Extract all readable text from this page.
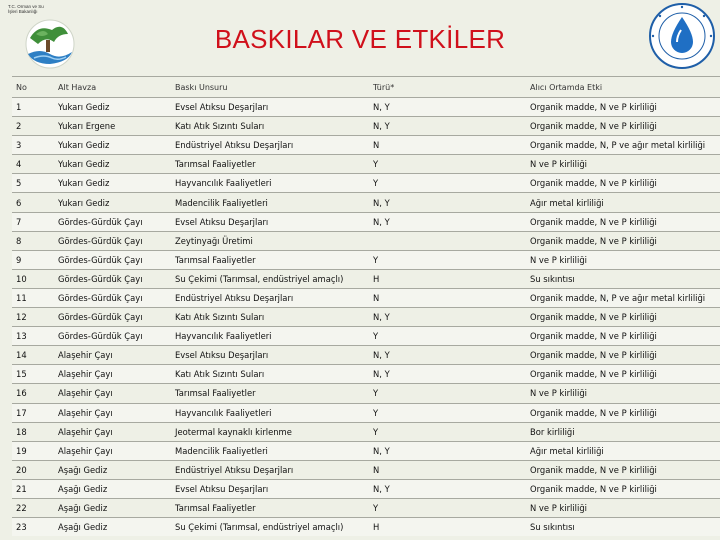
T.C. Orman ve Su İşleri Bakanlığı
BASKILAR VE ETKİLER
No	Alt Havza	Baskı Unsuru	Türü*	Alıcı Ortamda Etki
1	Yukarı Gediz	Evsel Atıksu Deşarjları	N, Y	Organik madde, N ve P kirliliği
2	Yukarı Ergene	Katı Atık Sızıntı Suları	N, Y	Organik madde, N ve P kirliliği
3	Yukarı Gediz	Endüstriyel Atıksu Deşarjları	N	Organik madde, N, P ve ağır metal kirliliği
4	Yukarı Gediz	Tarımsal Faaliyetler	Y	N ve P kirliliği
5	Yukarı Gediz	Hayvancılık Faaliyetleri	Y	Organik madde, N ve P kirliliği
6	Yukarı Gediz	Madencilik Faaliyetleri	N, Y	Ağır metal kirliliği
7	Gördes-Gürdük Çayı	Evsel Atıksu Deşarjları	N, Y	Organik madde, N ve P kirliliği
8	Gördes-Gürdük Çayı	Zeytinyağı Üretimi		Organik madde, N ve P kirliliği
9	Gördes-Gürdük Çayı	Tarımsal Faaliyetler	Y	N ve P kirliliği
10	Gördes-Gürdük Çayı	Su Çekimi (Tarımsal, endüstriyel amaçlı)	H	Su sıkıntısı
11	Gördes-Gürdük Çayı	Endüstriyel Atıksu Deşarjları	N	Organik madde, N, P ve ağır metal kirliliği
12	Gördes-Gürdük Çayı	Katı Atık Sızıntı Suları	N, Y	Organik madde, N ve P kirliliği
13	Gördes-Gürdük Çayı	Hayvancılık Faaliyetleri	Y	Organik madde, N ve P kirliliği
14	Alaşehir Çayı	Evsel Atıksu Deşarjları	N, Y	Organik madde, N ve P kirliliği
15	Alaşehir Çayı	Katı Atık Sızıntı Suları	N, Y	Organik madde, N ve P kirliliği
16	Alaşehir Çayı	Tarımsal Faaliyetler	Y	N ve P kirliliği
17	Alaşehir Çayı	Hayvancılık Faaliyetleri	Y	Organik madde, N ve P kirliliği
18	Alaşehir Çayı	Jeotermal kaynaklı kirlenme	Y	Bor kirliliği
19	Alaşehir Çayı	Madencilik Faaliyetleri	N, Y	Ağır metal kirliliği
20	Aşağı Gediz	Endüstriyel Atıksu Deşarjları	N	Organik madde, N ve P kirliliği
21	Aşağı Gediz	Evsel Atıksu Deşarjları	N, Y	Organik madde, N ve P kirliliği
22	Aşağı Gediz	Tarımsal Faaliyetler	Y	N ve P kirliliği
23	Aşağı Gediz	Su Çekimi (Tarımsal, endüstriyel amaçlı)	H	Su sıkıntısı
